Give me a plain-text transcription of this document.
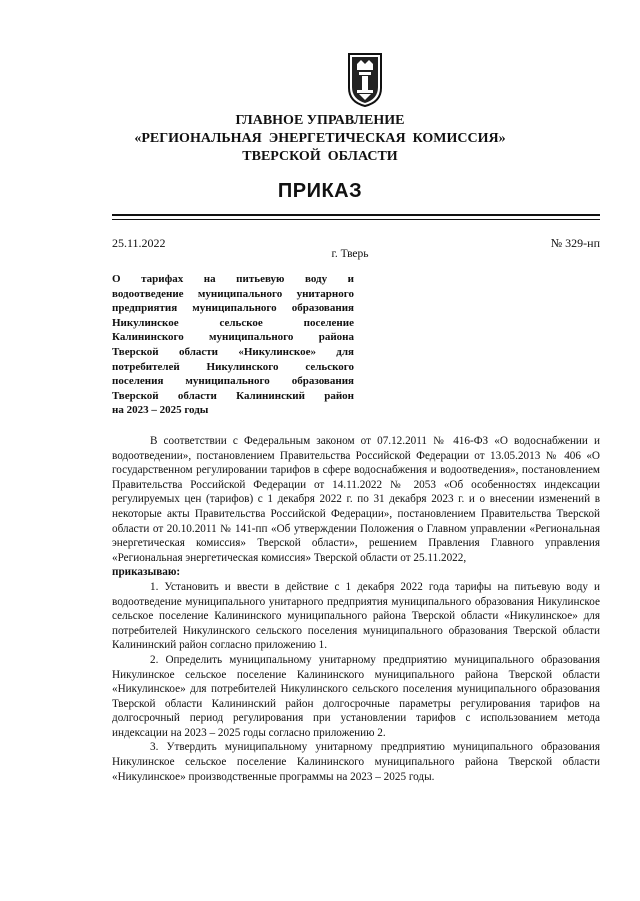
ГЛАВНОЕ УПРАВЛЕНИЕ
«РЕГИОНАЛЬНАЯ  ЭНЕРГЕТИЧЕСКАЯ  КОМИССИЯ»
ТВЕРСКОЙ  ОБЛАСТИ
ПРИКАЗ
25.11.2022	№ 329-нп
г. Тверь
О тарифах на питьевую воду и
водоотведение муниципального унитарного
предприятия муниципального образования
Никулинское сельское поселение
Калининского муниципального района
Тверской области «Никулинское» для
потребителей Никулинского сельского
поселения муниципального образования
Тверской области Калининский район
на 2023 – 2025 годы

В соответствии с Федеральным законом от 07.12.2011 № 416-ФЗ «О водоснабжении и водоотведении», постановлением Правительства Российской Федерации от 13.05.2013 № 406 «О государственном регулировании тарифов в сфере водоснабжения и водоотведения», постановлением Правительства Российской Федерации от 14.11.2022 № 2053 «Об особенностях индексации регулируемых цен (тарифов) с 1 декабря 2022 г. по 31 декабря 2023 г. и о внесении изменений в некоторые акты Правительства Российской Федерации», постановлением Правительства Тверской области от 20.10.2011 № 141-пп «Об утверждении Положения о Главном управлении «Региональная энергетическая комиссия» Тверской области», решением Правления Главного управления «Региональная энергетическая комиссия» Тверской области от 25.11.2022,

приказываю:

1. Установить и ввести в действие с 1 декабря 2022 года тарифы на питьевую воду и водоотведение муниципального унитарного предприятия муниципального образования Никулинское сельское поселение Калининского муниципального района Тверской области «Никулинское» для потребителей Никулинского сельского поселения муниципального образования Тверской области Калининский район согласно приложению 1.

2. Определить муниципальному унитарному предприятию муниципального образования Никулинское сельское поселение Калининского муниципального района Тверской области «Никулинское» для потребителей Никулинского сельского поселения муниципального образования Тверской области Калининский район долгосрочные параметры регулирования тарифов на долгосрочный период регулирования при установлении тарифов с использованием метода индексации на 2023 – 2025 годы согласно приложению 2.

3. Утвердить муниципальному унитарному предприятию муниципального образования Никулинское сельское поселение Калининского муниципального района Тверской области «Никулинское» производственные программы на 2023 – 2025 годы.
